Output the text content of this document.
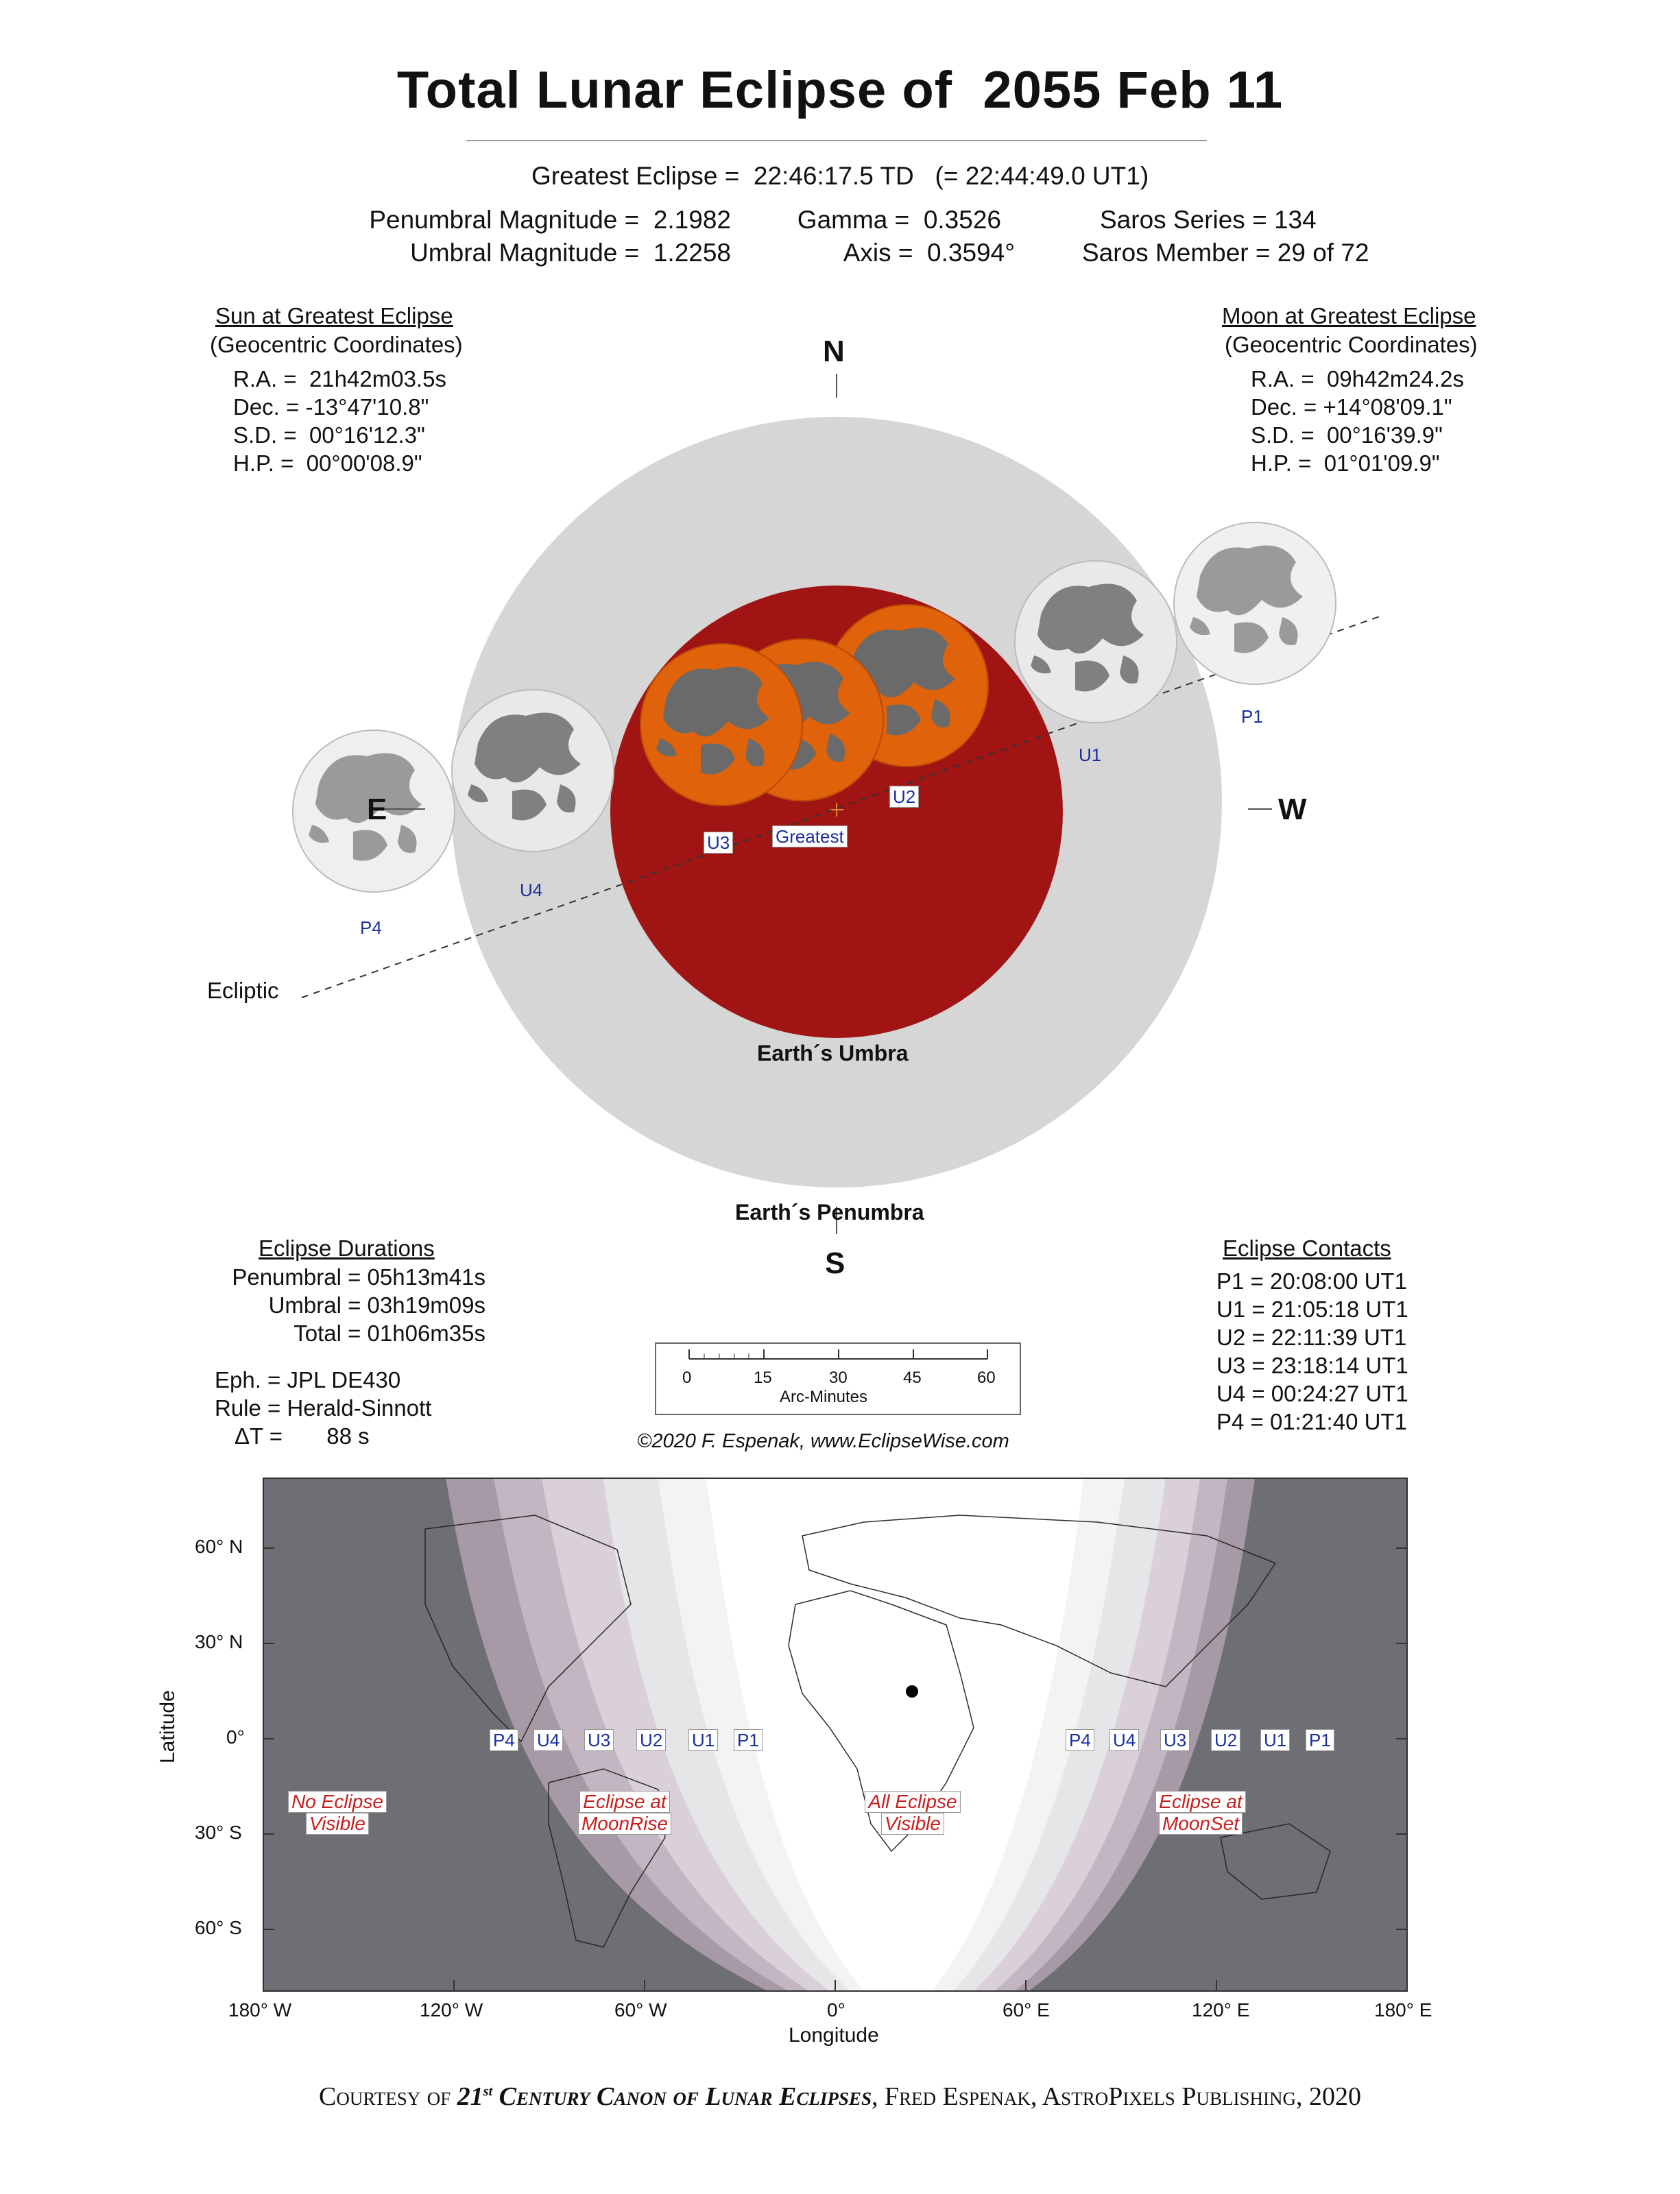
Total Lunar Eclipse of  2055 Feb 11
Greatest Eclipse =  22:46:17.5 TD   (= 22:44:49.0 UT1)
Penumbral Magnitude =  2.1982
Umbral Magnitude =  1.2258
Gamma =  0.3526
Axis =  0.3594°
Saros Series = 134
Saros Member = 29 of 72
Sun at Greatest Eclipse
(Geocentric Coordinates)
R.A. =  21h42m03.5s
Dec. = -13°47'10.8"
S.D. =  00°16'12.3"
H.P. =  00°00'08.9"
Moon at Greatest Eclipse
(Geocentric Coordinates)
R.A. =  09h42m24.2s
Dec. = +14°08'09.1"
S.D. =  00°16'39.9"
H.P. =  01°01'09.9"
N
S
E	W
Ecliptic
P1
U1
U2
U3
U4
P4
Greatest
Earth´s Umbra
Earth´s Penumbra
Eclipse Durations
Penumbral = 05h13m41s
Umbral = 03h19m09s
Total = 01h06m35s
Eph. = JPL DE430
Rule = Herald-Sinnott
ΔT =       88 s
Eclipse Contacts
P1 = 20:08:00 UT1
U1 = 21:05:18 UT1
U2 = 22:11:39 UT1
U3 = 23:18:14 UT1
U4 = 00:24:27 UT1
P4 = 01:21:40 UT1
0	15	30	45	60
Arc-Minutes
©2020 F. Espenak, www.EclipseWise.com
60° N
30° N
0°
30° S
60° S
180° W	120° W	60° W	0°	60° E	120° E	180° E
Latitude
Longitude
P4 U4 U3 U2 U1 P1	P4 U4 U3 U2 U1 P1
No Eclipse
Visible
Eclipse at
MoonRise
All Eclipse
Visible
Eclipse at
MoonSet
Courtesy of 21st Century Canon of Lunar Eclipses, Fred Espenak, AstroPixels Publishing, 2020
